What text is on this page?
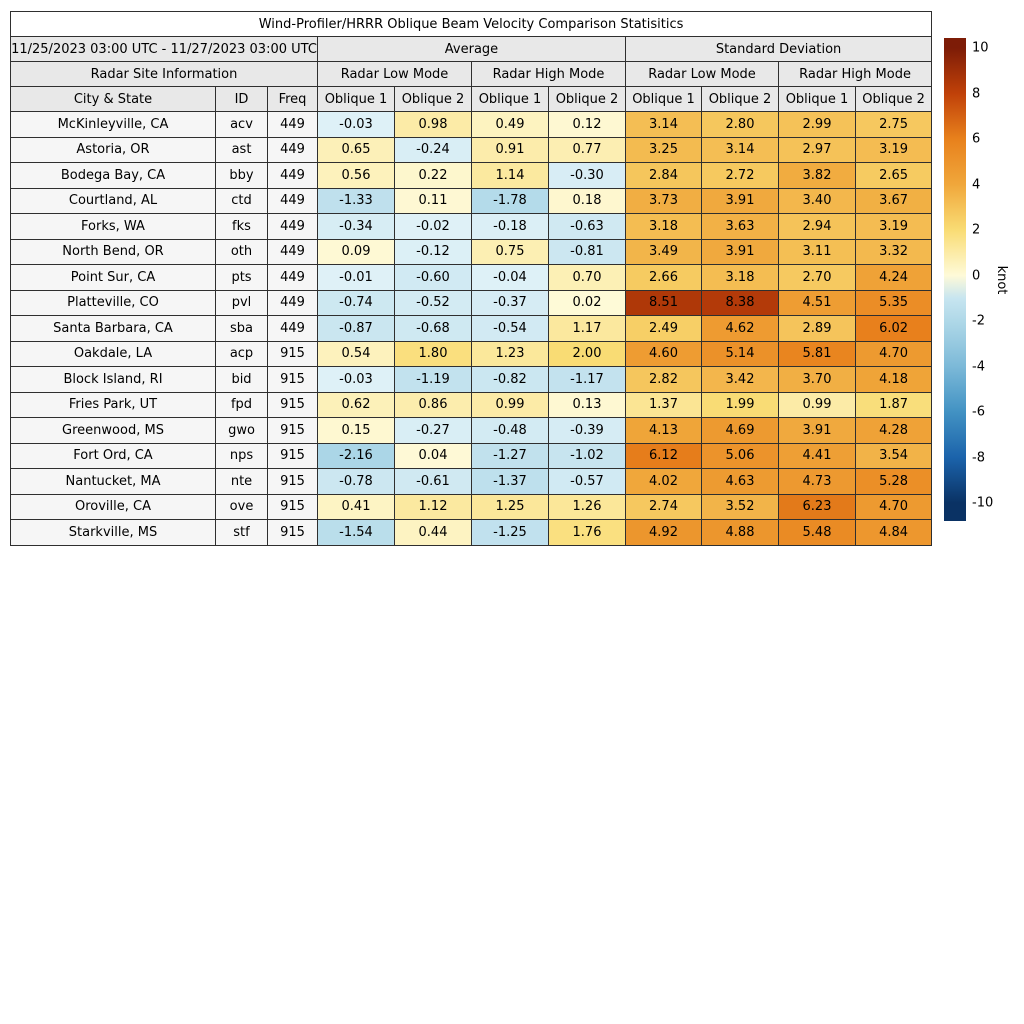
Wind-Profiler/HRRR Oblique Beam Velocity Comparison Statisitics										
11/25/2023 03:00 UTC - 11/27/2023 03:00 UTC			Average				Standard Deviation			
Radar Site Information			Radar Low Mode		Radar High Mode		Radar Low Mode		Radar High Mode	
City & State	ID	Freq	Oblique 1	Oblique 2	Oblique 1	Oblique 2	Oblique 1	Oblique 2	Oblique 1	Oblique 2
McKinleyville, CA	acv	449	-0.03	0.98	0.49	0.12	3.14	2.80	2.99	2.75
Astoria, OR	ast	449	0.65	-0.24	0.91	0.77	3.25	3.14	2.97	3.19
Bodega Bay, CA	bby	449	0.56	0.22	1.14	-0.30	2.84	2.72	3.82	2.65
Courtland, AL	ctd	449	-1.33	0.11	-1.78	0.18	3.73	3.91	3.40	3.67
Forks, WA	fks	449	-0.34	-0.02	-0.18	-0.63	3.18	3.63	2.94	3.19
North Bend, OR	oth	449	0.09	-0.12	0.75	-0.81	3.49	3.91	3.11	3.32
Point Sur, CA	pts	449	-0.01	-0.60	-0.04	0.70	2.66	3.18	2.70	4.24
Platteville, CO	pvl	449	-0.74	-0.52	-0.37	0.02	8.51	8.38	4.51	5.35
Santa Barbara, CA	sba	449	-0.87	-0.68	-0.54	1.17	2.49	4.62	2.89	6.02
Oakdale, LA	acp	915	0.54	1.80	1.23	2.00	4.60	5.14	5.81	4.70
Block Island, RI	bid	915	-0.03	-1.19	-0.82	-1.17	2.82	3.42	3.70	4.18
Fries Park, UT	fpd	915	0.62	0.86	0.99	0.13	1.37	1.99	0.99	1.87
Greenwood, MS	gwo	915	0.15	-0.27	-0.48	-0.39	4.13	4.69	3.91	4.28
Fort Ord, CA	nps	915	-2.16	0.04	-1.27	-1.02	6.12	5.06	4.41	3.54
Nantucket, MA	nte	915	-0.78	-0.61	-1.37	-0.57	4.02	4.63	4.73	5.28
Oroville, CA	ove	915	0.41	1.12	1.25	1.26	2.74	3.52	6.23	4.70
Starkville, MS	stf	915	-1.54	0.44	-1.25	1.76	4.92	4.88	5.48	4.84
10
8
6
4
2
0
-2
-4
-6
-8
-10
knot
